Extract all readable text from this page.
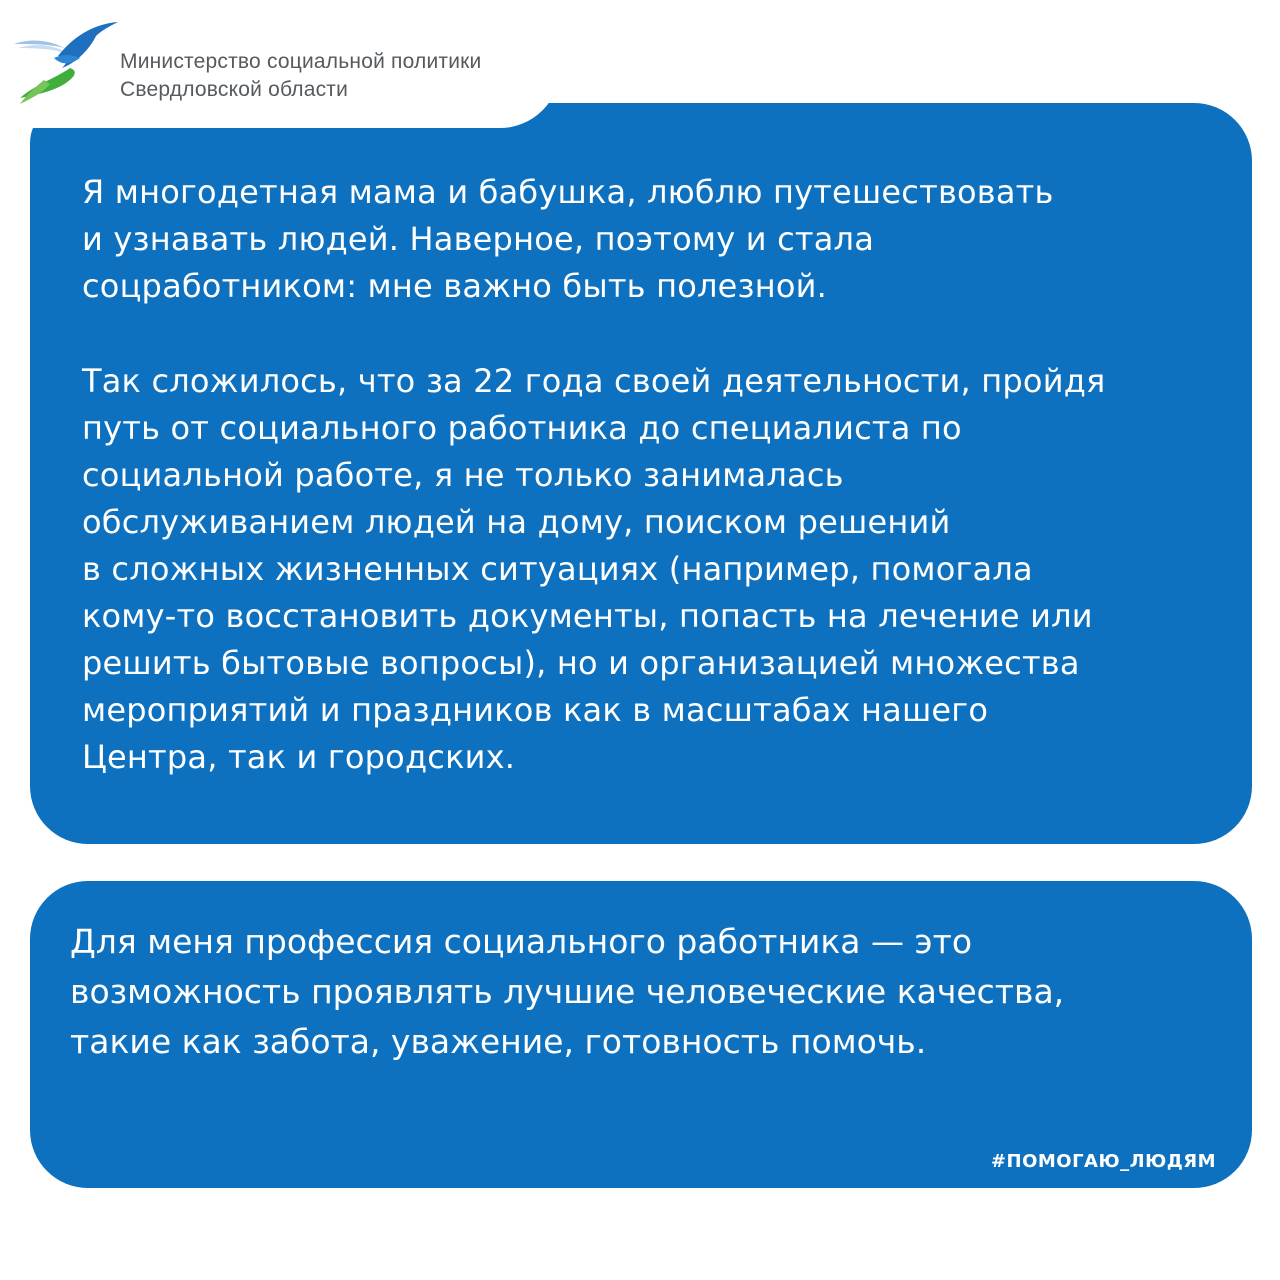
Я многодетная мама и бабушка, люблю путешествовать
и узнавать людей. Наверное, поэтому и стала
соцработником: мне важно быть полезной.
Так сложилось, что за 22 года своей деятельности, пройдя
путь от социального работника до специалиста по
социальной работе, я не только занималась
обслуживанием людей на дому, поиском решений
в сложных жизненных ситуациях (например, помогала
кому-то восстановить документы, попасть на лечение или
решить бытовые вопросы), но и организацией множества
мероприятий и праздников как в масштабах нашего
Центра, так и городских.
Министерство социальной политики
Свердловской области
Для меня профессия социального работника — это
возможность проявлять лучшие человеческие качества,
такие как забота, уважение, готовность помочь.
#ПОМОГАЮ_ЛЮДЯМ
